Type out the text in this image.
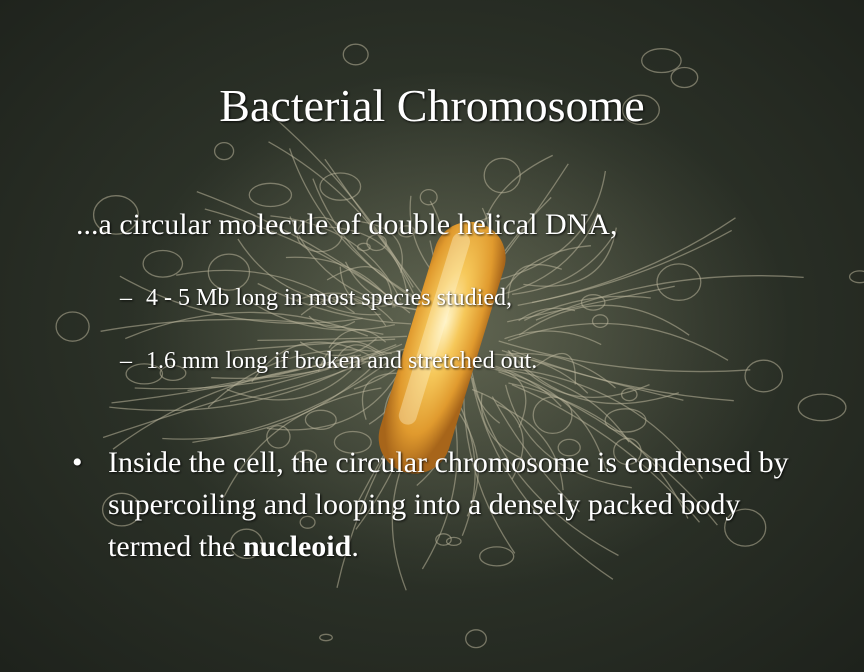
Bacterial Chromosome
...a circular molecule of double helical DNA,
– 4 - 5 Mb long in most species studied,
– 1.6 mm long if broken and stretched out.
• Inside the cell, the circular chromosome is condensed by supercoiling and looping into a densely packed body termed the nucleoid.
